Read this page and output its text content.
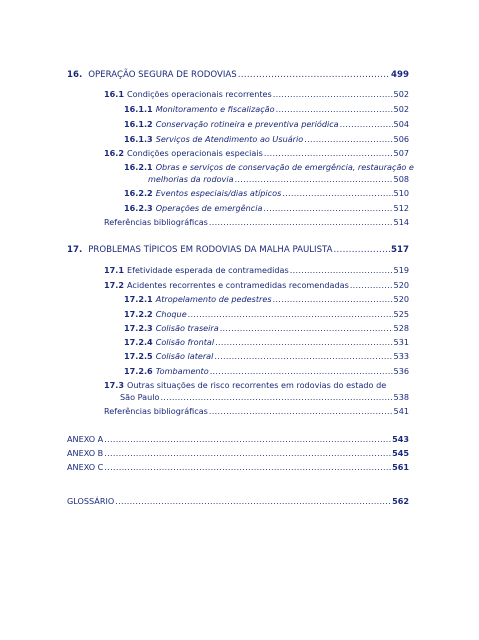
16. OPERAÇÃO SEGURA DE RODOVIAS .....	499
16.1 Condições operacionais recorrentes .....	502
16.1.1 Monitoramento e fiscalização .....	502
16.1.2 Conservação rotineira e preventiva periódica .....	504
16.1.3 Serviços de Atendimento ao Usuário .....	506
16.2 Condições operacionais especiais .....	507
16.2.1 Obras e serviços de conservação de emergência, restauração e
melhorias da rodovia .....	508
16.2.2 Eventos especiais/dias atípicos .....	510
16.2.3 Operações de emergência .....	512
Referências bibliográficas .....	514
17. PROBLEMAS TÍPICOS EM RODOVIAS DA MALHA PAULISTA .....	517
17.1 Efetividade esperada de contramedidas .....	519
17.2 Acidentes recorrentes e contramedidas recomendadas .....	520
17.2.1 Atropelamento de pedestres .....	520
17.2.2 Choque .....	525
17.2.3 Colisão traseira .....	528
17.2.4 Colisão frontal .....	531
17.2.5 Colisão lateral .....	533
17.2.6 Tombamento .....	536
17.3 Outras situações de risco recorrentes em rodovias do estado de
São Paulo .....	538
Referências bibliográficas .....	541
ANEXO A .....	543
ANEXO B .....	545
ANEXO C .....	561
GLOSSÁRIO .....	562
